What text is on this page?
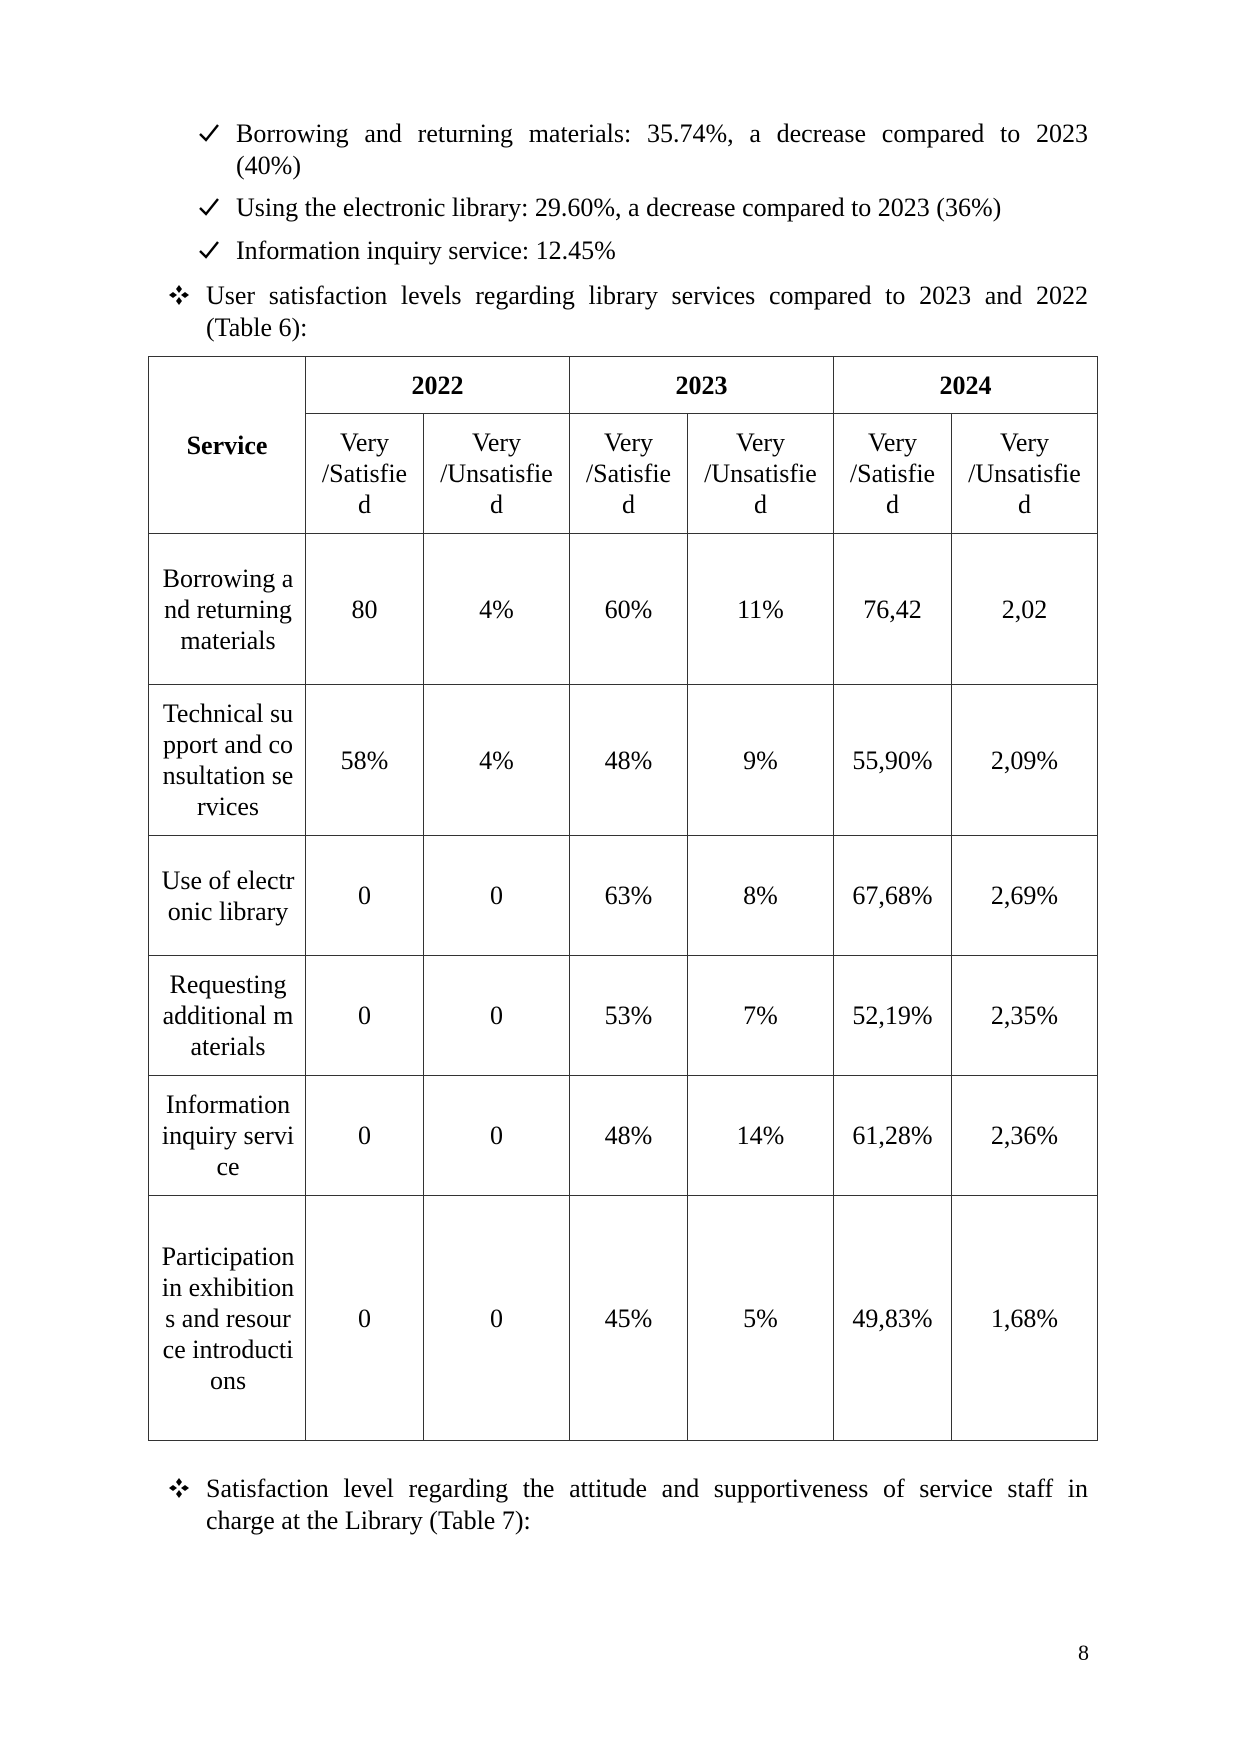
Borrowing and returning materials: 35.74%, a decrease compared to 2023
(40%)
Using the electronic library: 29.60%, a decrease compared to 2023 (36%)
Information inquiry service: 12.45%
User satisfaction levels regarding library services compared to 2023 and 2022
(Table 6):
Service	2022		2023		2024	
	Very
/Satisfie
d	Very
/Unsatisfie
d	Very
/Satisfie
d	Very
/Unsatisfie
d	Very
/Satisfie
d	Very
/Unsatisfie
d
Borrowing and returning materials	80	4%	60%	11%	76,42	2,02
Technical support and consultation services	58%	4%	48%	9%	55,90%	2,09%
Use of electronic library	0	0	63%	8%	67,68%	2,69%
Requesting additional materials	0	0	53%	7%	52,19%	2,35%
Information inquiry service	0	0	48%	14%	61,28%	2,36%
Participation in exhibitions and resource introductions	0	0	45%	5%	49,83%	1,68%
Satisfaction level regarding the attitude and supportiveness of service staff in
charge at the Library (Table 7):
8
